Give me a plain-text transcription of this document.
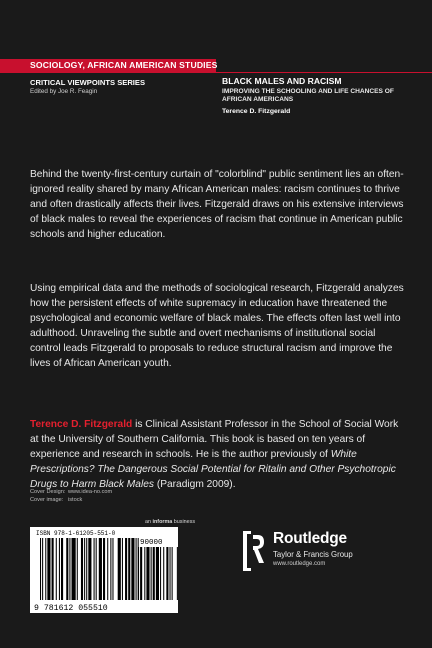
SOCIOLOGY, AFRICAN AMERICAN STUDIES
CRITICAL VIEWPOINTS SERIES
Edited by Joe R. Feagin
BLACK MALES AND RACISM
IMPROVING THE SCHOOLING AND LIFE CHANCES OF AFRICAN AMERICANS
Terence D. Fitzgerald
Behind the twenty-first-century curtain of "colorblind" public sentiment lies an often-ignored reality shared by many African American males: racism continues to thrive and often drastically affects their lives. Fitzgerald draws on his extensive interviews of black males to reveal the experiences of racism that continue in American public schools and higher education.
Using empirical data and the methods of sociological research, Fitzgerald analyzes how the persistent effects of white supremacy in education have threatened the psychological and economic welfare of black males. The effects often last well into adulthood. Unraveling the subtle and overt mechanisms of institutional social control leads Fitzgerald to proposals to reduce structural racism and improve the lives of African American youth.
Terence D. Fitzgerald is Clinical Assistant Professor in the School of Social Work at the University of Southern California. This book is based on ten years of experience and research in schools. He is the author previously of White Prescriptions? The Dangerous Social Potential for Ritalin and Other Psychotropic Drugs to Harm Black Males (Paradigm 2009).
Cover Design: www.idea-no.com
Cover image: istock
an informa business
ISBN 978-1-61205-551-0
90000
9 781612 055510
Routledge
Taylor & Francis Group
www.routledge.com
